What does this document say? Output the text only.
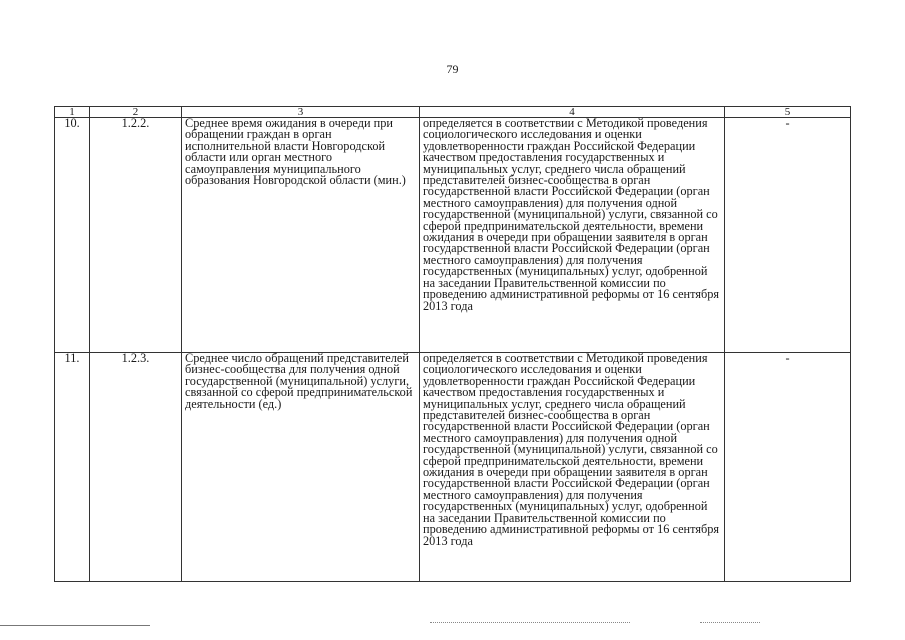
79
1	2	3	4	5
10.	1.2.2.	Среднее время ожидания в очереди при обращении граждан в орган исполнительной власти Новгородской области или орган местного самоуправления муниципального образования Новгородской области (мин.)	определяется в соответствии с Методикой проведения социологического исследования и оценки удовлетворенности граждан Российской Федерации качеством предоставления государственных и муниципальных услуг, среднего числа обращений представителей бизнес-сообщества в орган государственной власти Российской Федерации (орган местного самоуправления) для получения одной государственной (муниципальной) услуги, связанной со сферой предпринимательской деятельности, времени ожидания в очереди при обращении заявителя в орган государственной власти Российской Федерации (орган местного самоуправления) для получения государственных (муниципальных) услуг, одобренной на заседании Правительственной комиссии по проведению административной реформы от 16 сентября 2013 года	-
11.	1.2.3.	Среднее число обращений представителей бизнес-сообщества для получения одной государственной (муниципальной) услуги, связанной со сферой предпринимательской деятельности (ед.)	определяется в соответствии с Методикой проведения социологического исследования и оценки удовлетворенности граждан Российской Федерации качеством предоставления государственных и муниципальных услуг, среднего числа обращений представителей бизнес-сообщества в орган государственной власти Российской Федерации (орган местного самоуправления) для получения одной государственной (муниципальной) услуги, связанной со сферой предпринимательской деятельности, времени ожидания в очереди при обращении заявителя в орган государственной власти Российской Федерации (орган местного самоуправления) для получения государственных (муниципальных) услуг, одобренной на заседании Правительственной комиссии по проведению административной реформы от 16 сентября 2013 года	-
